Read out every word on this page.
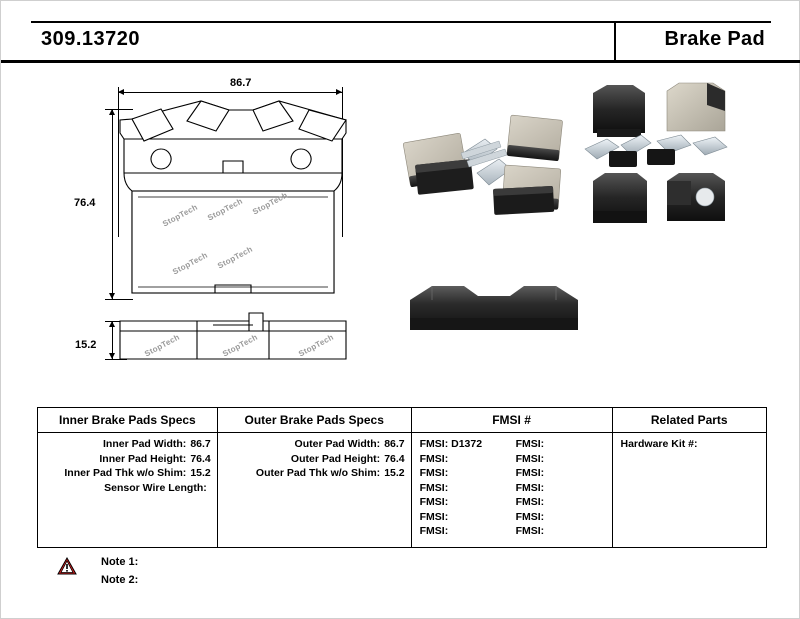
309.13720	Brake Pad
86.7
76.4
15.2
StopTech StopTech StopTech
StopTech StopTech
StopTech	StopTech	StopTech
Inner Brake Pads Specs	Outer Brake Pads Specs	FMSI #	Related Parts

Inner Pad Width: 86.7
Inner Pad Height: 76.4
Inner Pad Thk w/o Shim: 15.2
Sensor Wire Length:

Outer Pad Width: 86.7
Outer Pad Height: 76.4
Outer Pad Thk w/o Shim: 15.2

FMSI: D1372
FMSI:
FMSI:
FMSI:
FMSI:
FMSI:
FMSI:
FMSI:
FMSI:
FMSI:
FMSI:
FMSI:
FMSI:
FMSI:

Hardware Kit #:
Note 1:
Note 2:
